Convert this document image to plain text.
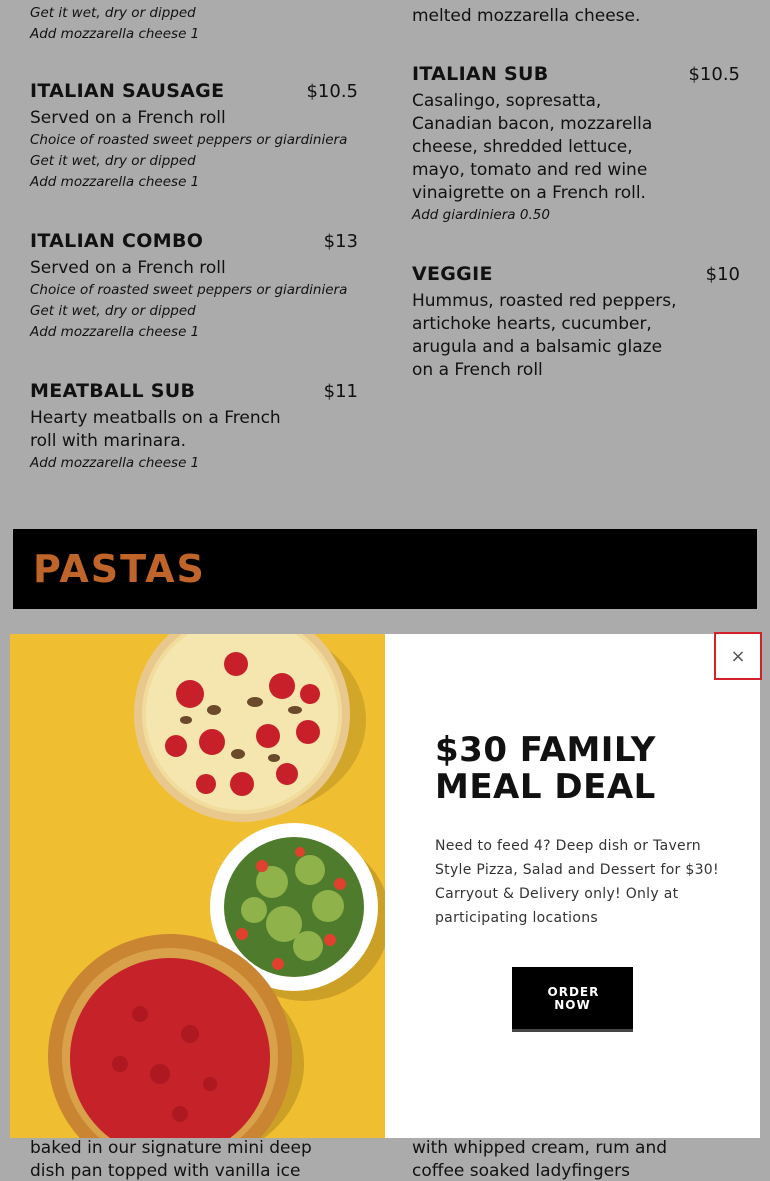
Get it wet, dry or dipped
Add mozzarella cheese 1
melted mozzarella cheese.
ITALIAN SAUSAGE	$10.5
Served on a French roll
Choice of roasted sweet peppers or giardiniera
Get it wet, dry or dipped
Add mozzarella cheese 1
ITALIAN COMBO	$13
Served on a French roll
Choice of roasted sweet peppers or giardiniera
Get it wet, dry or dipped
Add mozzarella cheese 1
MEATBALL SUB	$11
Hearty meatballs on a French roll with marinara.
Add mozzarella cheese 1
ITALIAN SUB	$10.5
Casalingo, sopresatta, Canadian bacon, mozzarella cheese, shredded lettuce, mayo, tomato and red wine vinaigrette on a French roll.
Add giardiniera 0.50
VEGGIE	$10
Hummus, roasted red peppers, artichoke hearts, cucumber, arugula and a balsamic glaze on a French roll
PASTAS
baked in our signature mini deep dish pan topped with vanilla ice
with whipped cream, rum and coffee soaked ladyfingers
$30 FAMILY MEAL DEAL
Need to feed 4? Deep dish or Tavern Style Pizza, Salad and Dessert for $30! Carryout & Delivery only! Only at participating locations
ORDER NOW
×
